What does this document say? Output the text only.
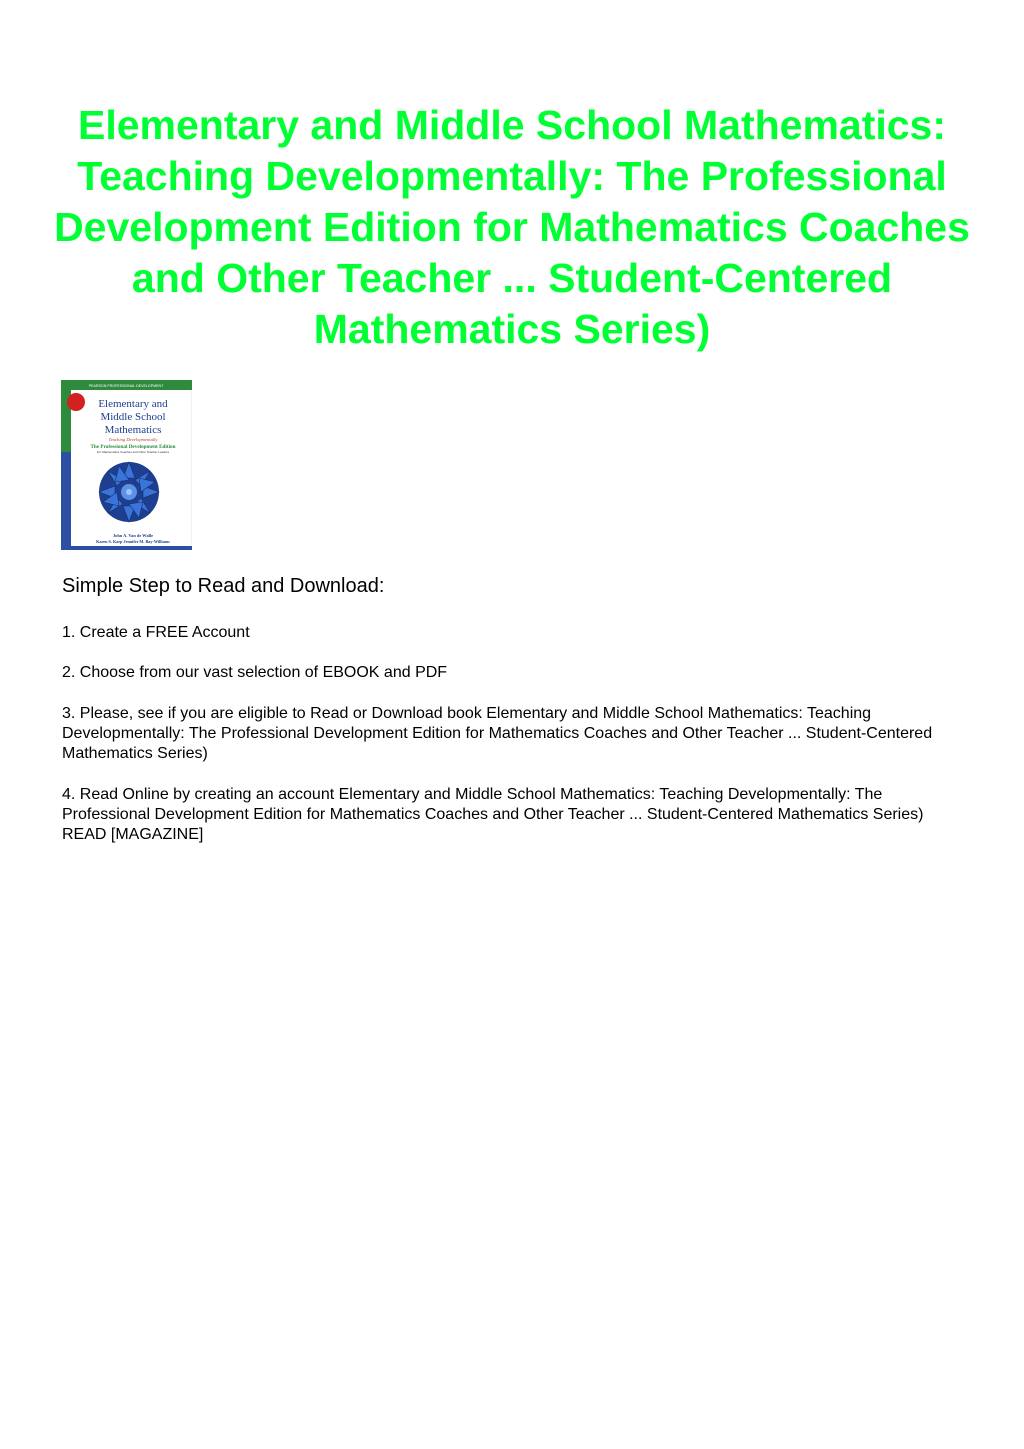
Elementary and Middle School Mathematics: Teaching Developmentally: The Professional Development Edition for Mathematics Coaches and Other Teacher ... Student-Centered Mathematics Series)
PEARSON PROFESSIONAL DEVELOPMENT
Elementary and
Middle School
Mathematics
Teaching Developmentally
The Professional Development Edition
For Mathematics Coaches and Other Teacher Leaders
John A. Van de Walle
Karen S. Karp Jennifer M. Bay-Williams
Simple Step to Read and Download:

1. Create a FREE Account

2. Choose from our vast selection of EBOOK and PDF

3. Please, see if you are eligible to Read or Download book Elementary and Middle School Mathematics: Teaching Developmentally: The Professional Development Edition for Mathematics Coaches and Other Teacher ... Student-Centered Mathematics Series)

4. Read Online by creating an account Elementary and Middle School Mathematics: Teaching Developmentally: The Professional Development Edition for Mathematics Coaches and Other Teacher ... Student-Centered Mathematics Series) READ [MAGAZINE]
